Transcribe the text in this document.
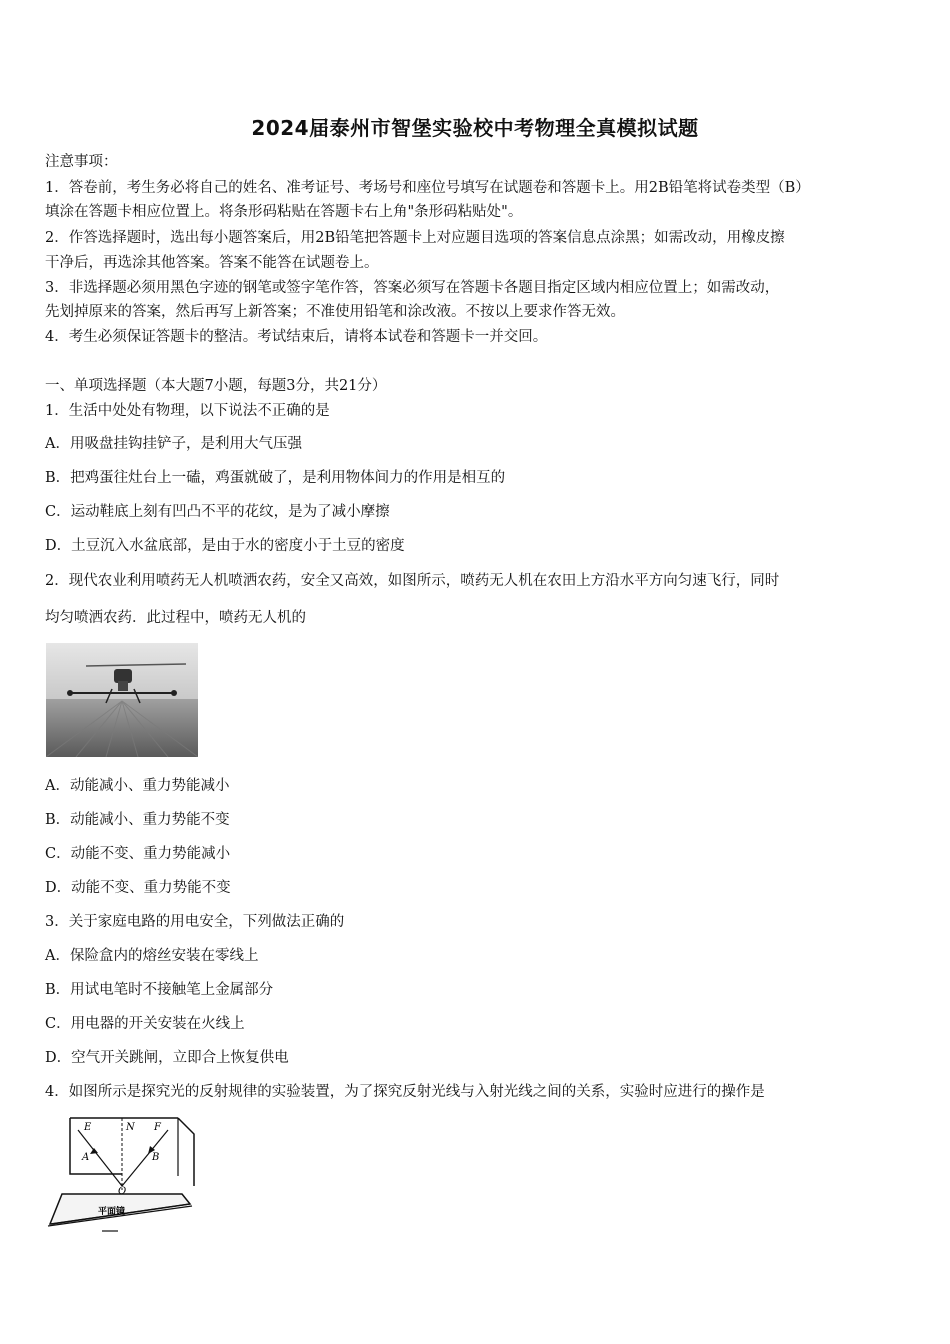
2024届泰州市智堡实验校中考物理全真模拟试题
注意事项：
1．答卷前，考生务必将自己的姓名、准考证号、考场号和座位号填写在试题卷和答题卡上。用2B铅笔将试卷类型（B）
填涂在答题卡相应位置上。将条形码粘贴在答题卡右上角"条形码粘贴处"。
2．作答选择题时，选出每小题答案后，用2B铅笔把答题卡上对应题目选项的答案信息点涂黑；如需改动，用橡皮擦
干净后，再选涂其他答案。答案不能答在试题卷上。
3．非选择题必须用黑色字迹的钢笔或签字笔作答，答案必须写在答题卡各题目指定区域内相应位置上；如需改动，
先划掉原来的答案，然后再写上新答案；不准使用铅笔和涂改液。不按以上要求作答无效。
4．考生必须保证答题卡的整洁。考试结束后，请将本试卷和答题卡一并交回。
一、单项选择题（本大题7小题，每题3分，共21分）
1．生活中处处有物理，以下说法不正确的是
A．用吸盘挂钩挂铲子，是利用大气压强
B．把鸡蛋往灶台上一磕，鸡蛋就破了，是利用物体间力的作用是相互的
C．运动鞋底上刻有凹凸不平的花纹，是为了减小摩擦
D．土豆沉入水盆底部，是由于水的密度小于土豆的密度
2．现代农业利用喷药无人机喷洒农药，安全又高效，如图所示，喷药无人机在农田上方沿水平方向匀速飞行，同时
均匀喷洒农药．此过程中，喷药无人机的
A．动能减小、重力势能减小
B．动能减小、重力势能不变
C．动能不变、重力势能减小
D．动能不变、重力势能不变
3．关于家庭电路的用电安全，下列做法正确的
A．保险盒内的熔丝安装在零线上
B．用试电笔时不接触笔上金属部分
C．用电器的开关安装在火线上
D．空气开关跳闸，立即合上恢复供电
4．如图所示是探究光的反射规律的实验装置，为了探究反射光线与入射光线之间的关系，实验时应进行的操作是
E	N F
A	B
O
平面镜
